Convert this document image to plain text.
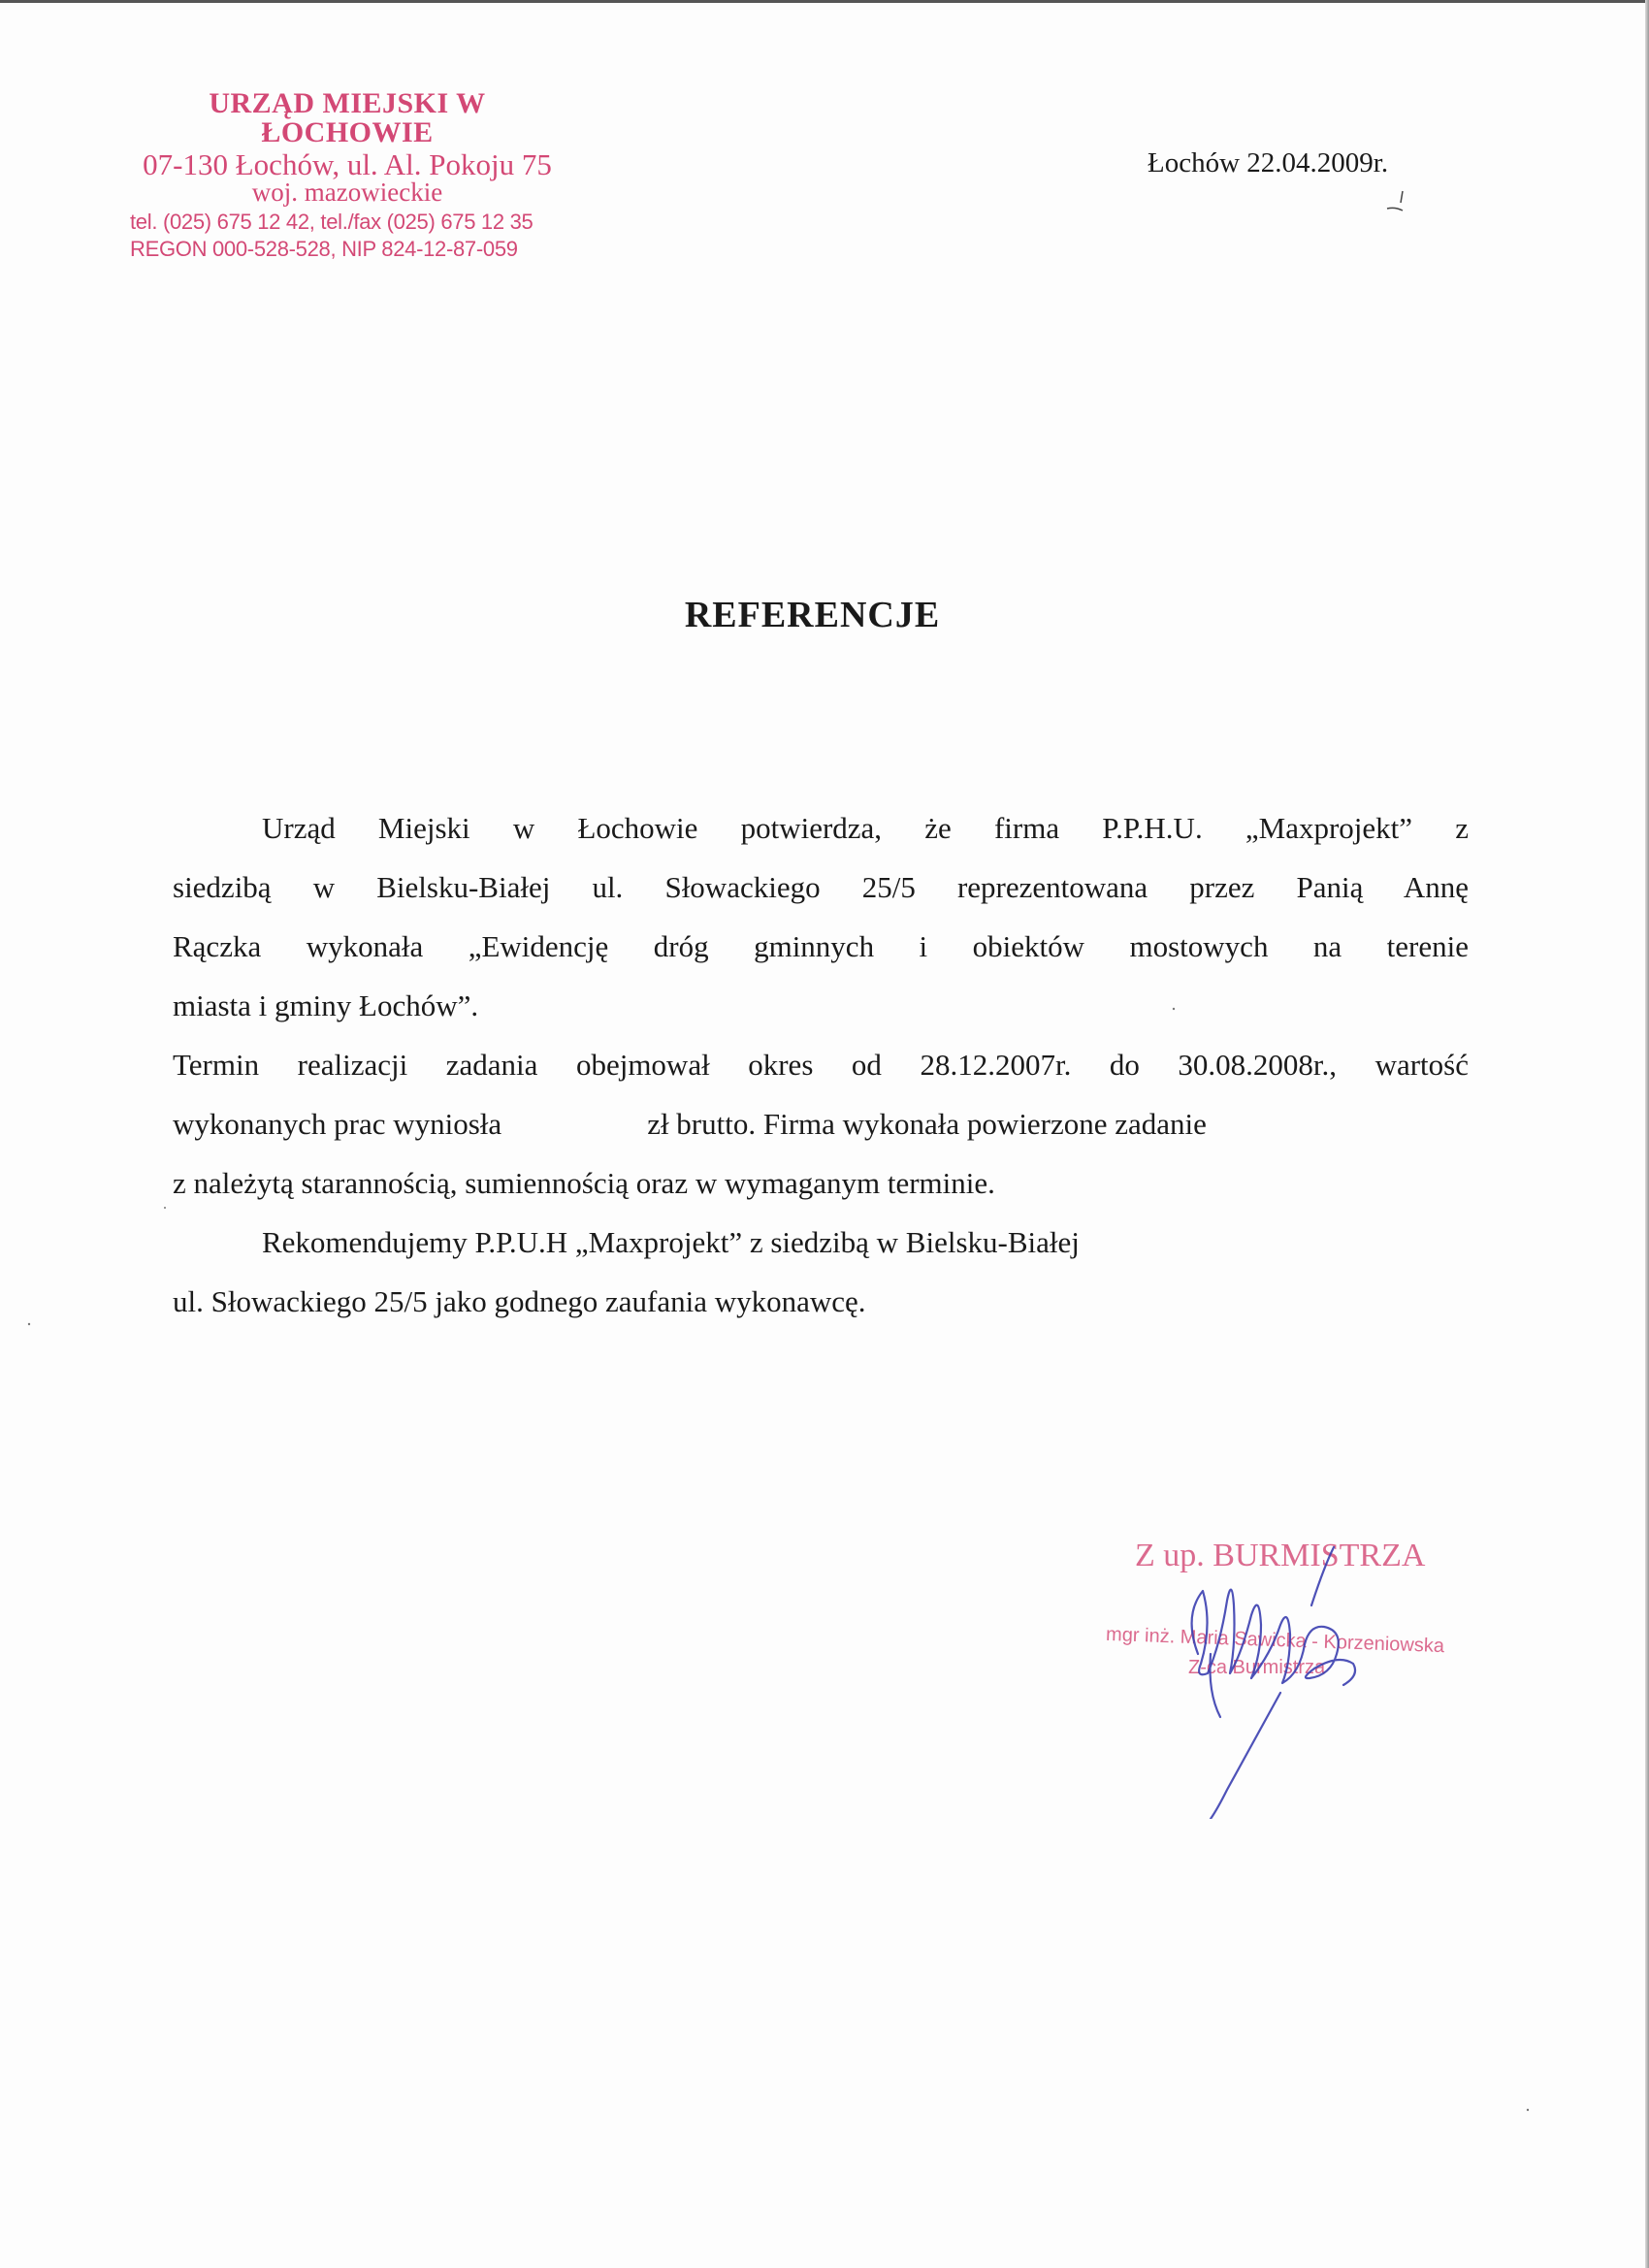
URZĄD MIEJSKI W ŁOCHOWIE
07-130 Łochów, ul. Al. Pokoju 75
woj. mazowieckie
tel. (025) 675 12 42, tel./fax (025) 675 12 35
REGON 000-528-528, NIP 824-12-87-059
Łochów 22.04.2009r.
REFERENCJE
Urząd Miejski w Łochowie potwierdza, że firma P.P.H.U. „Maxprojekt” z
siedzibą w Bielsku-Białej ul. Słowackiego 25/5 reprezentowana przez Panią Annę
Rączka wykonała „Ewidencję dróg gminnych i obiektów mostowych na terenie
miasta i gminy Łochów”.
Termin realizacji zadania obejmował okres od 28.12.2007r. do 30.08.2008r., wartość
wykonanych prac wyniosła	zł brutto. Firma wykonała powierzone zadanie
z należytą starannością, sumiennością oraz w wymaganym terminie.
Rekomendujemy P.P.U.H „Maxprojekt” z siedzibą w Bielsku-Białej
ul. Słowackiego 25/5 jako godnego zaufania wykonawcę.
Z up. BURMISTRZA
mgr inż. Maria Sawicka - Korzeniowska
Z-ca Burmistrza
